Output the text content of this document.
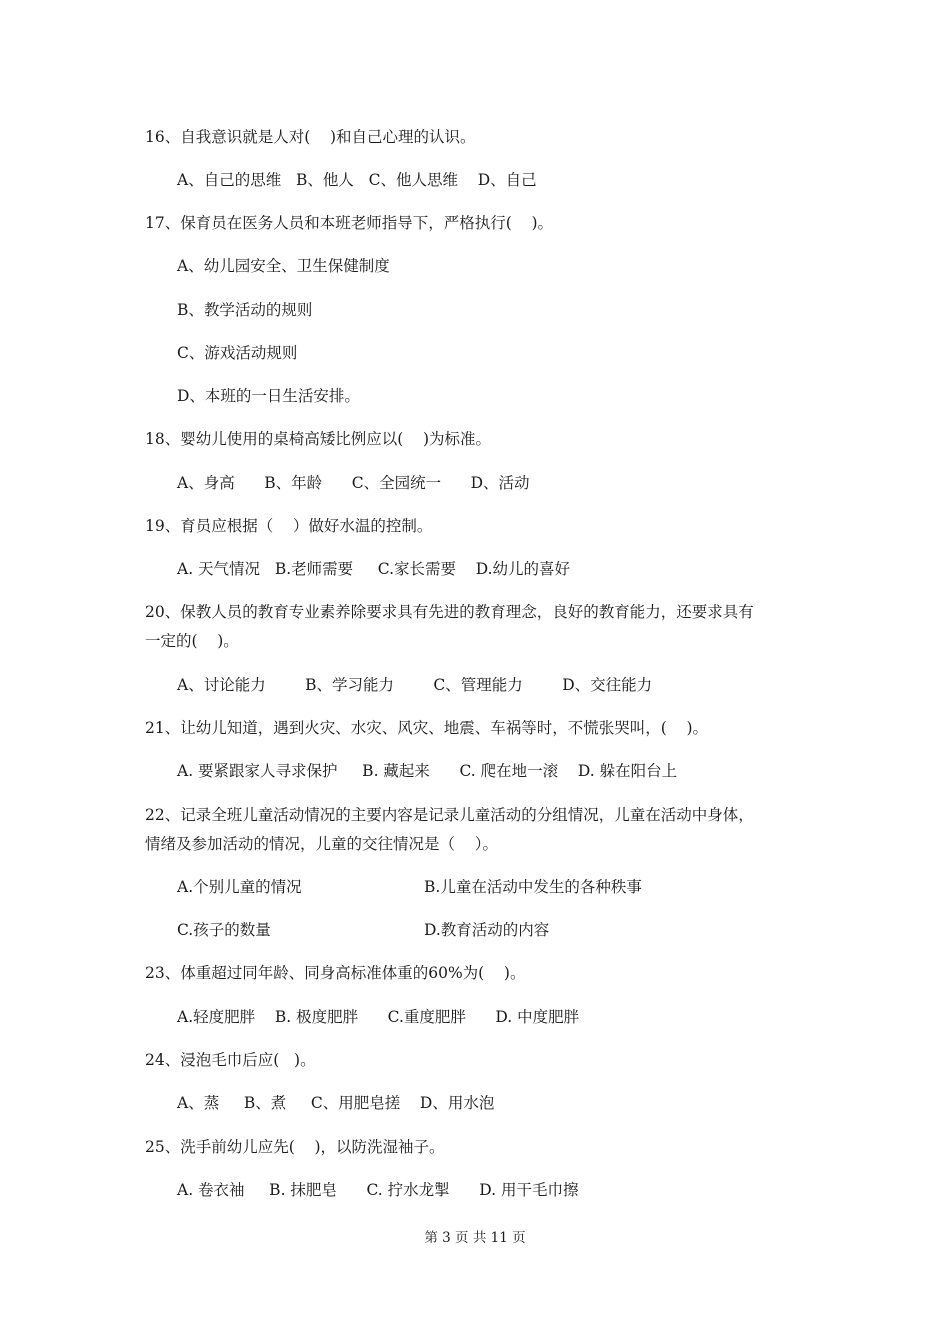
16、自我意识就是人对(    )和自己心理的认识。
A、自己的思维   B、他人   C、他人思维    D、自己
17、保育员在医务人员和本班老师指导下，严格执行(    )。
A、幼儿园安全、卫生保健制度
B、教学活动的规则
C、游戏活动规则
D、本班的一日生活安排。
18、婴幼儿使用的桌椅高矮比例应以(    )为标准。
A、身高      B、年龄      C、全园统一      D、活动
19、育员应根据（    ）做好水温的控制。
A. 天气情况   B.老师需要     C.家长需要    D.幼儿的喜好
20、保教人员的教育专业素养除要求具有先进的教育理念，良好的教育能力，还要求具有
一定的(    )。
A、讨论能力        B、学习能力        C、管理能力        D、交往能力
21、让幼儿知道，遇到火灾、水灾、风灾、地震、车祸等时，不慌张哭叫，(    )。
A. 要紧跟家人寻求保护     B. 藏起来      C. 爬在地一滚    D. 躲在阳台上
22、记录全班儿童活动情况的主要内容是记录儿童活动的分组情况，儿童在活动中身体，
情绪及参加活动的情况，儿童的交往情况是（    ）。
A.个别儿童的情况	B.儿童在活动中发生的各种秩事
C.孩子的数量	D.教育活动的内容
23、体重超过同年龄、同身高标准体重的60%为(    )。
A.轻度肥胖    B. 极度肥胖      C.重度肥胖      D. 中度肥胖
24、浸泡毛巾后应(   )。
A、蒸     B、煮     C、用肥皂搓    D、用水泡
25、洗手前幼儿应先(    )，以防洗湿袖子。
A. 卷衣袖     B. 抹肥皂      C. 拧水龙掣      D. 用干毛巾擦
第 3 页 共 11 页
